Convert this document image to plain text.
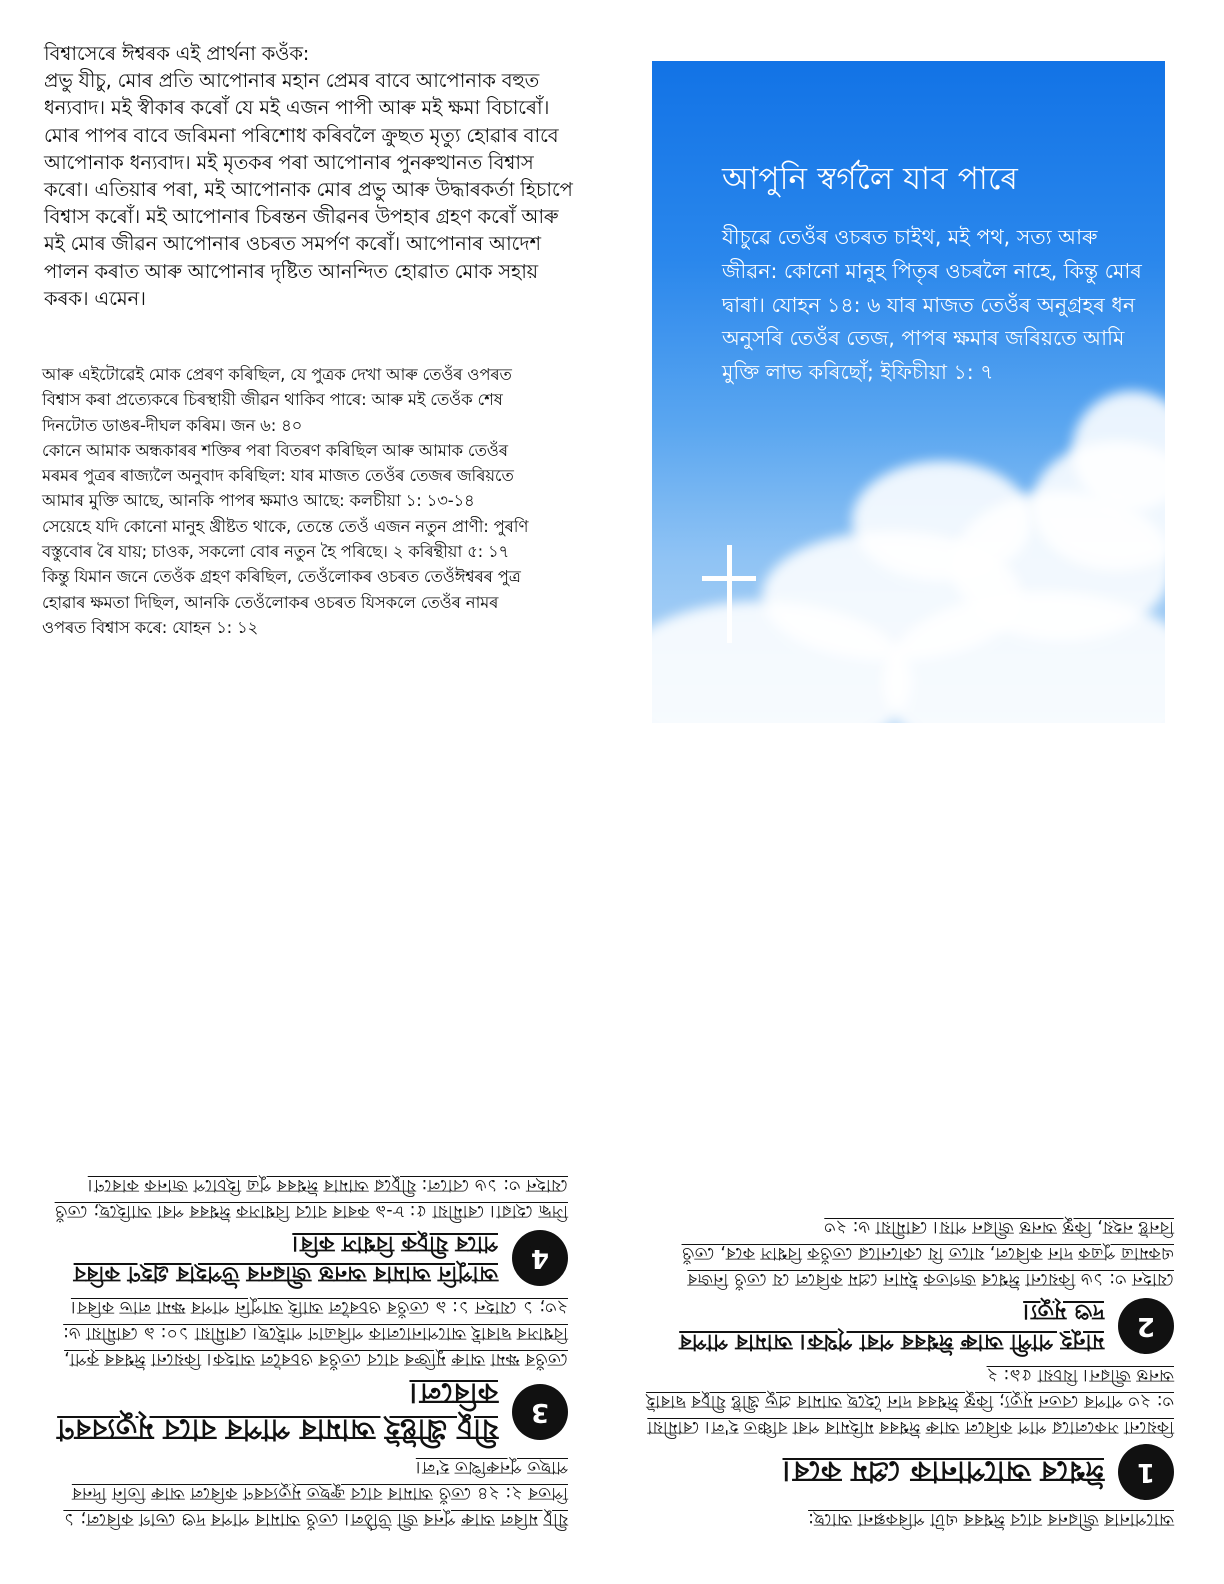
বিশ্বাসেৰে ঈশ্বৰক এই প্ৰাৰ্থনা কওঁক:

প্ৰভু যীচু, মোৰ প্ৰতি আপোনাৰ মহান প্ৰেমৰ বাবে আপোনাক বহুত ধন্যবাদ। মই স্বীকাৰ কৰোঁ যে মই এজন পাপী আৰু মই ক্ষমা বিচাৰোঁ। মোৰ পাপৰ বাবে জৰিমনা পৰিশোধ কৰিবলৈ ক্ৰুছত মৃত্যু হোৱাৰ বাবে আপোনাক ধন্যবাদ। মই মৃতকৰ পৰা আপোনাৰ পুনৰুত্থানত বিশ্বাস কৰো। এতিয়াৰ পৰা, মই আপোনাক মোৰ প্ৰভু আৰু উদ্ধাৰকৰ্তা হিচাপে বিশ্বাস কৰোঁ। মই আপোনাৰ চিৰন্তন জীৱনৰ উপহাৰ গ্ৰহণ কৰোঁ আৰু মই মোৰ জীৱন আপোনাৰ ওচৰত সমৰ্পণ কৰোঁ। আপোনাৰ আদেশ পালন কৰাত আৰু আপোনাৰ দৃষ্টিত আনন্দিত হোৱাত মোক সহায় কৰক। এমেন।

আৰু এইটোৱেই মোক প্ৰেৰণ কৰিছিল, যে পুত্ৰক দেখা আৰু তেওঁৰ ওপৰত বিশ্বাস কৰা প্ৰত্যেকৰে চিৰস্থায়ী জীৱন থাকিব পাৰে: আৰু মই তেওঁক শেষ দিনটোত ডাঙৰ-দীঘল কৰিম। জন ৬: ৪০

কোনে আমাক অন্ধকাৰৰ শক্তিৰ পৰা বিতৰণ কৰিছিল আৰু আমাক তেওঁৰ মৰমৰ পুত্ৰৰ ৰাজ্যলৈ অনুবাদ কৰিছিল: যাৰ মাজত তেওঁৰ তেজৰ জৰিয়তে আমাৰ মুক্তি আছে, আনকি পাপৰ ক্ষমাও আছে: কলচীয়া ১: ১৩-১৪

সেয়েহে যদি কোনো মানুহ খ্ৰীষ্টত থাকে, তেন্তে তেওঁ এজন নতুন প্ৰাণী: পুৰণি বস্তুবোৰ ৰৈ যায়; চাওক, সকলো বোৰ নতুন হৈ পৰিছে। ২ কৰিন্থীয়া ৫: ১৭

কিন্তু যিমান জনে তেওঁক গ্ৰহণ কৰিছিল, তেওঁলোকৰ ওচৰত তেওঁঈশ্বৰৰ পুত্ৰ হোৱাৰ ক্ষমতা দিছিল, আনকি তেওঁলোকৰ ওচৰত যিসকলে তেওঁৰ নামৰ ওপৰত বিশ্বাস কৰে: যোহন ১: ১২

আপুনি স্বৰ্গলৈ যাব পাৰে
যীচুৱে তেওঁৰ ওচৰত চাইথ, মই পথ, সত্য আৰু জীৱন: কোনো মানুহ পিতৃৰ ওচৰলৈ নাহে, কিন্তু মোৰ দ্বাৰা। যোহন ১৪: ৬ যাৰ মাজত তেওঁৰ অনুগ্ৰহৰ ধন অনুসৰি তেওঁৰ তেজ, পাপৰ ক্ষমাৰ জৰিয়তে আমি মুক্তি লাভ কৰিছোঁ; ইফিচীয়া ১: ৭

যীচু মৰিল আৰু পুনৰ জী উঠিল। তেওঁ আমাৰ পাপৰ দণ্ড ভোগ কৰিলে; ১ পিতৰ ২: ২৪ তেওঁ আমাৰ বাবে ক্ৰুছত মৃত্যুবৰণ কৰিলে আৰু তিনি দিনৰ পাছত পুনৰুত্থিত হ'ল।

3
যীচু খ্ৰীষ্টই আমাৰ পাপৰ বাবে মৃত্যুবৰণ কৰিলে।

তেওঁৰ ক্ষমা আৰু মুক্তিৰ বাবে তেওঁৰ ওচৰলৈ আহক। কিয়নো ঈশ্বৰৰ কৃপা, বিশ্বাসৰ দ্বাৰাই আপোনালোক পৰিত্ৰাণ পাইছে। ৰোমীয়া ১০: ৯ ৰোমীয়া ৬: ২৩; ১ যোহন ১: ৯ তেওঁৰ ওচৰলৈ আহি আপুনি পাপৰ ক্ষমা লাভ কৰিব।

4
আপুনি আমাৰ অনন্ত জীৱনৰ উপহাৰ গ্ৰহণ কৰিব পাৰে যীচুক বিশ্বাস কৰি।

সিদ্ধ হোৱা। ৰোমীয়া ৫: ৮-৯ কৰাৰ বাবে বিশ্বাসক ঈশ্বৰৰ পৰা আহিছে; তেওঁ যোহন ৩: ১৬ বোলে: যীচুৱে আমাৰ ঈশ্বৰৰ পুত্ৰ হিচাপে জানক কাৰণে।

আপোনাৰ জীৱনৰ বাবে ঈশ্বৰৰ এটা পৰিকল্পনা আছে:

1
ঈশ্বৰে আপোনাক প্ৰেম কৰে।

কিয়নো সকলোৱে পাপ কৰিলে আৰু ঈশ্বৰৰ মহিমাৰ পৰা বঞ্চিত হ'ল। ৰোমীয়া ৩: ২৩ পাপৰ বেতন মৃত্যু; কিন্তু ঈশ্বৰৰ দান হৈছে আমাৰ প্ৰভু খ্ৰীষ্ট যীচুৰ দ্বাৰাই অনন্ত জীৱন। যিচয়া ৫৯: ২

2
মানুহ পাপী আৰু ঈশ্বৰৰ পৰা পৃথক। আমাৰ পাপৰ দণ্ড মৃত্যু।

যোহন ৩: ১৬ কিয়নো ঈশ্বৰে জগতক ইমান প্ৰেম কৰিলে যে তেওঁ নিজৰ একমাত্ৰ পুত্ৰক দান কৰিলে, যাতে যি কোনোৱে তেওঁক বিশ্বাস কৰে, তেওঁ বিনষ্ট নহয়, কিন্তু অনন্ত জীৱন পায়। ৰোমীয়া ৬: ২৩
